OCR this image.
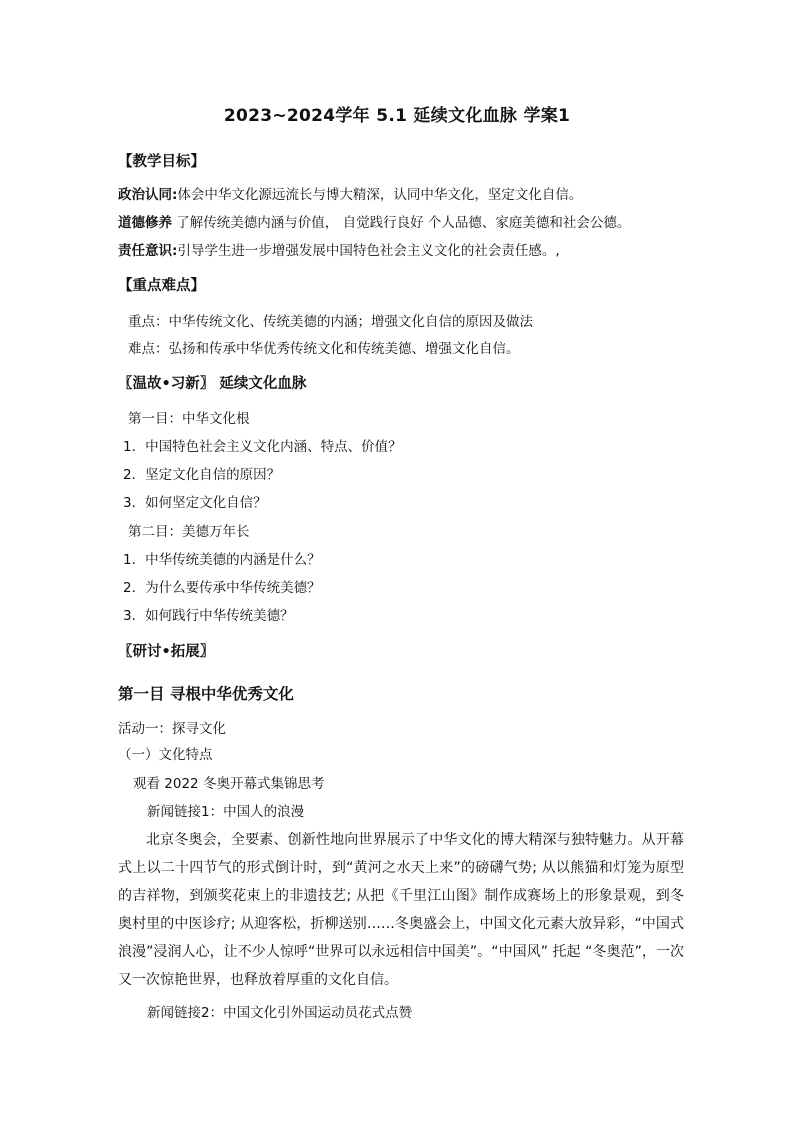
2023~2024学年 5.1 延续文化血脉 学案1
【教学目标】
政治认同:体会中华文化源远流长与博大精深，认同中华文化，坚定文化自信。
道德修养 了解传统美德内涵与价值， 自觉践行良好 个人品德、家庭美德和社会公德。
责任意识:引导学生进一步增强发展中国特色社会主义文化的社会责任感。,
【重点难点】
重点：中华传统文化、传统美德的内涵；增强文化自信的原因及做法
难点：弘扬和传承中华优秀传统文化和传统美德、增强文化自信。
〖温故•习新〗 延续文化血脉
第一目：中华文化根
1．中国特色社会主义文化内涵、特点、价值？
2．坚定文化自信的原因？
3．如何坚定文化自信？
第二目：美德万年长
1．中华传统美德的内涵是什么？
2．为什么要传承中华传统美德？
3．如何践行中华传统美德？
〖研讨•拓展〗
第一目 寻根中华优秀文化
活动一：探寻文化
（一）文化特点
观看 2022 冬奥开幕式集锦思考
新闻链接1：中国人的浪漫
北京冬奥会，全要素、创新性地向世界展示了中华文化的博大精深与独特魅力。从开幕式上以二十四节气的形式倒计时，到“黄河之水天上来”的磅礴气势; 从以熊猫和灯笼为原型的吉祥物，到颁奖花束上的非遗技艺; 从把《千里江山图》制作成赛场上的形象景观，到冬奥村里的中医诊疗; 从迎客松，折柳送别……冬奥盛会上，中国文化元素大放异彩，“中国式浪漫”浸润人心，让不少人惊呼“世界可以永远相信中国美”。“中国风” 托起 “冬奥范”，一次又一次惊艳世界，也释放着厚重的文化自信。
新闻链接2：中国文化引外国运动员花式点赞
